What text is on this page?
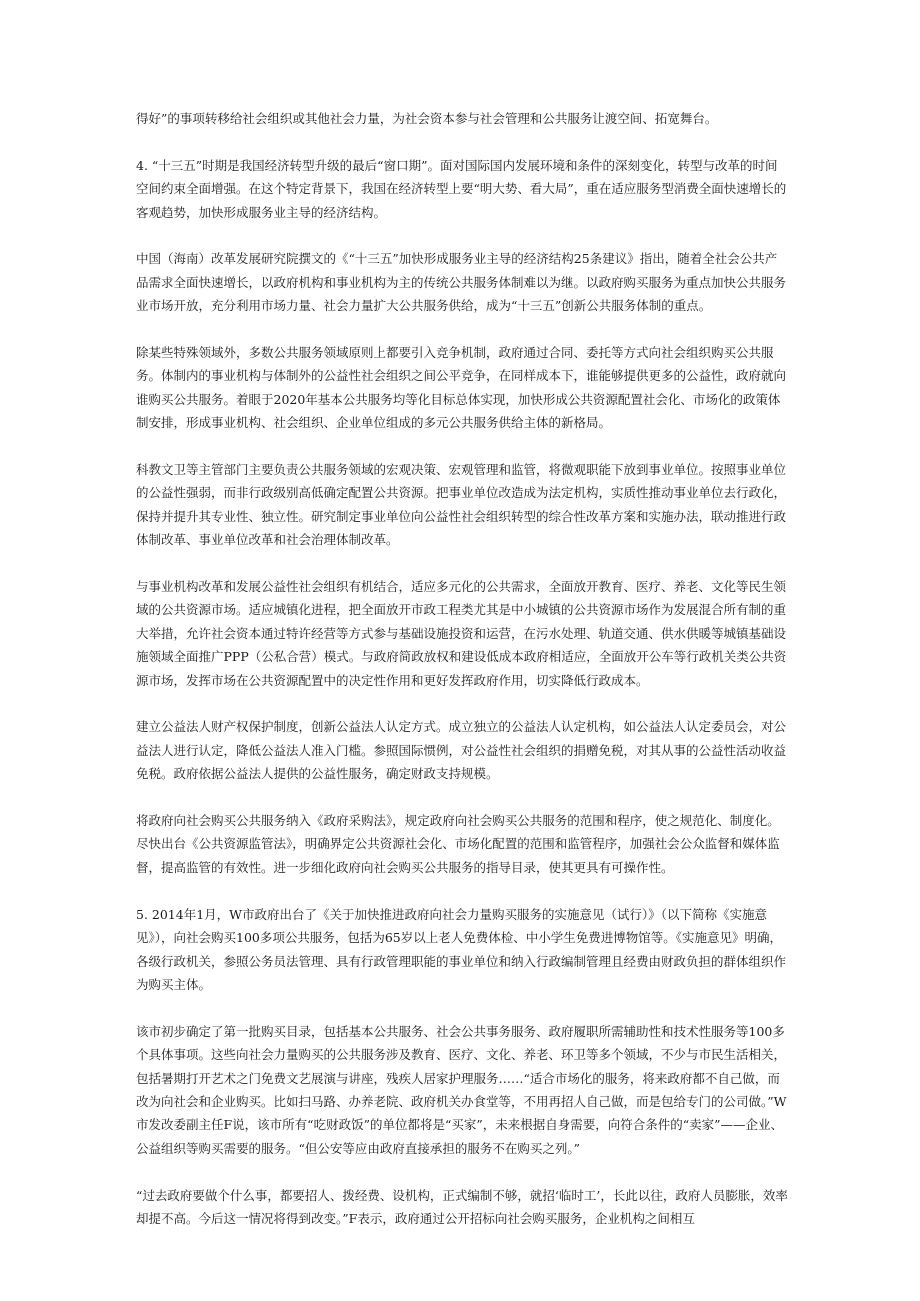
得好”的事项转移给社会组织或其他社会力量，为社会资本参与社会管理和公共服务让渡空间、拓宽舞台。

4. “十三五”时期是我国经济转型升级的最后“窗口期”。面对国际国内发展环境和条件的深刻变化，转型与改革的时间空间约束全面增强。在这个特定背景下，我国在经济转型上要“明大势、看大局”，重在适应服务型消费全面快速增长的客观趋势，加快形成服务业主导的经济结构。

中国（海南）改革发展研究院撰文的《“十三五”加快形成服务业主导的经济结构25条建议》指出，随着全社会公共产品需求全面快速增长，以政府机构和事业机构为主的传统公共服务体制难以为继。以政府购买服务为重点加快公共服务业市场开放，充分利用市场力量、社会力量扩大公共服务供给，成为“十三五”创新公共服务体制的重点。

除某些特殊领域外，多数公共服务领域原则上都要引入竞争机制，政府通过合同、委托等方式向社会组织购买公共服务。体制内的事业机构与体制外的公益性社会组织之间公平竞争，在同样成本下，谁能够提供更多的公益性，政府就向谁购买公共服务。着眼于2020年基本公共服务均等化目标总体实现，加快形成公共资源配置社会化、市场化的政策体制安排，形成事业机构、社会组织、企业单位组成的多元公共服务供给主体的新格局。

科教文卫等主管部门主要负责公共服务领域的宏观决策、宏观管理和监管，将微观职能下放到事业单位。按照事业单位的公益性强弱，而非行政级别高低确定配置公共资源。把事业单位改造成为法定机构，实质性推动事业单位去行政化，保持并提升其专业性、独立性。研究制定事业单位向公益性社会组织转型的综合性改革方案和实施办法，联动推进行政体制改革、事业单位改革和社会治理体制改革。

与事业机构改革和发展公益性社会组织有机结合，适应多元化的公共需求，全面放开教育、医疗、养老、文化等民生领域的公共资源市场。适应城镇化进程，把全面放开市政工程类尤其是中小城镇的公共资源市场作为发展混合所有制的重大举措，允许社会资本通过特许经营等方式参与基础设施投资和运营，在污水处理、轨道交通、供水供暖等城镇基础设施领域全面推广PPP（公私合营）模式。与政府简政放权和建设低成本政府相适应，全面放开公车等行政机关类公共资源市场，发挥市场在公共资源配置中的决定性作用和更好发挥政府作用，切实降低行政成本。

建立公益法人财产权保护制度，创新公益法人认定方式。成立独立的公益法人认定机构，如公益法人认定委员会，对公益法人进行认定，降低公益法人准入门槛。参照国际惯例，对公益性社会组织的捐赠免税，对其从事的公益性活动收益免税。政府依据公益法人提供的公益性服务，确定财政支持规模。

将政府向社会购买公共服务纳入《政府采购法》，规定政府向社会购买公共服务的范围和程序，使之规范化、制度化。尽快出台《公共资源监管法》，明确界定公共资源社会化、市场化配置的范围和监管程序，加强社会公众监督和媒体监督，提高监管的有效性。进一步细化政府向社会购买公共服务的指导目录，使其更具有可操作性。

5. 2014年1月，W市政府出台了《关于加快推进政府向社会力量购买服务的实施意见（试行）》（以下简称《实施意见》），向社会购买100多项公共服务，包括为65岁以上老人免费体检、中小学生免费进博物馆等。《实施意见》明确，各级行政机关，参照公务员法管理、具有行政管理职能的事业单位和纳入行政编制管理且经费由财政负担的群体组织作为购买主体。

该市初步确定了第一批购买目录，包括基本公共服务、社会公共事务服务、政府履职所需辅助性和技术性服务等100多个具体事项。这些向社会力量购买的公共服务涉及教育、医疗、文化、养老、环卫等多个领域，不少与市民生活相关，包括暑期打开艺术之门免费文艺展演与讲座，残疾人居家护理服务……“适合市场化的服务，将来政府都不自己做，而改为向社会和企业购买。比如扫马路、办养老院、政府机关办食堂等，不用再招人自己做，而是包给专门的公司做。”W市发改委副主任F说，该市所有“吃财政饭”的单位都将是“买家”，未来根据自身需要，向符合条件的“卖家”——企业、公益组织等购买需要的服务。“但公安等应由政府直接承担的服务不在购买之列。”

“过去政府要做个什么事，都要招人、拨经费、设机构，正式编制不够，就招‘临时工’，长此以往，政府人员膨胀，效率却提不高。今后这一情况将得到改变。”F表示，政府通过公开招标向社会购买服务，企业机构之间相互
